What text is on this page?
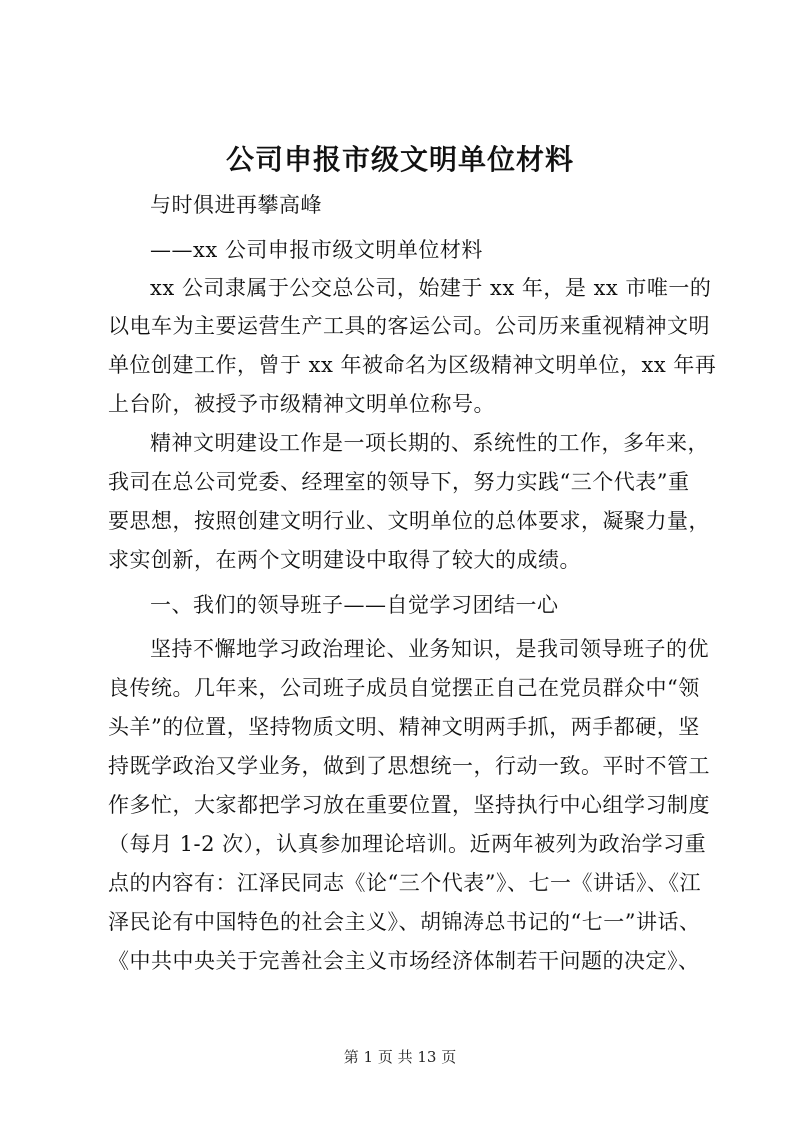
公司申报市级文明单位材料
与时俱进再攀高峰
——xx 公司申报市级文明单位材料
xx 公司隶属于公交总公司，始建于 xx 年，是 xx 市唯一的
以电车为主要运营生产工具的客运公司。公司历来重视精神文明
单位创建工作，曾于 xx 年被命名为区级精神文明单位，xx 年再
上台阶，被授予市级精神文明单位称号。
精神文明建设工作是一项长期的、系统性的工作，多年来，
我司在总公司党委、经理室的领导下，努力实践“三个代表”重
要思想，按照创建文明行业、文明单位的总体要求，凝聚力量，
求实创新，在两个文明建设中取得了较大的成绩。
一、我们的领导班子——自觉学习团结一心
坚持不懈地学习政治理论、业务知识，是我司领导班子的优
良传统。几年来，公司班子成员自觉摆正自己在党员群众中“领
头羊”的位置，坚持物质文明、精神文明两手抓，两手都硬，坚
持既学政治又学业务，做到了思想统一，行动一致。平时不管工
作多忙，大家都把学习放在重要位置，坚持执行中心组学习制度
（每月 1-2 次），认真参加理论培训。近两年被列为政治学习重
点的内容有：江泽民同志《论“三个代表”》、七一《讲话》、《江
泽民论有中国特色的社会主义》、胡锦涛总书记的“七一”讲话、
《中共中央关于完善社会主义市场经济体制若干问题的决定》、
第 1 页 共 13 页
